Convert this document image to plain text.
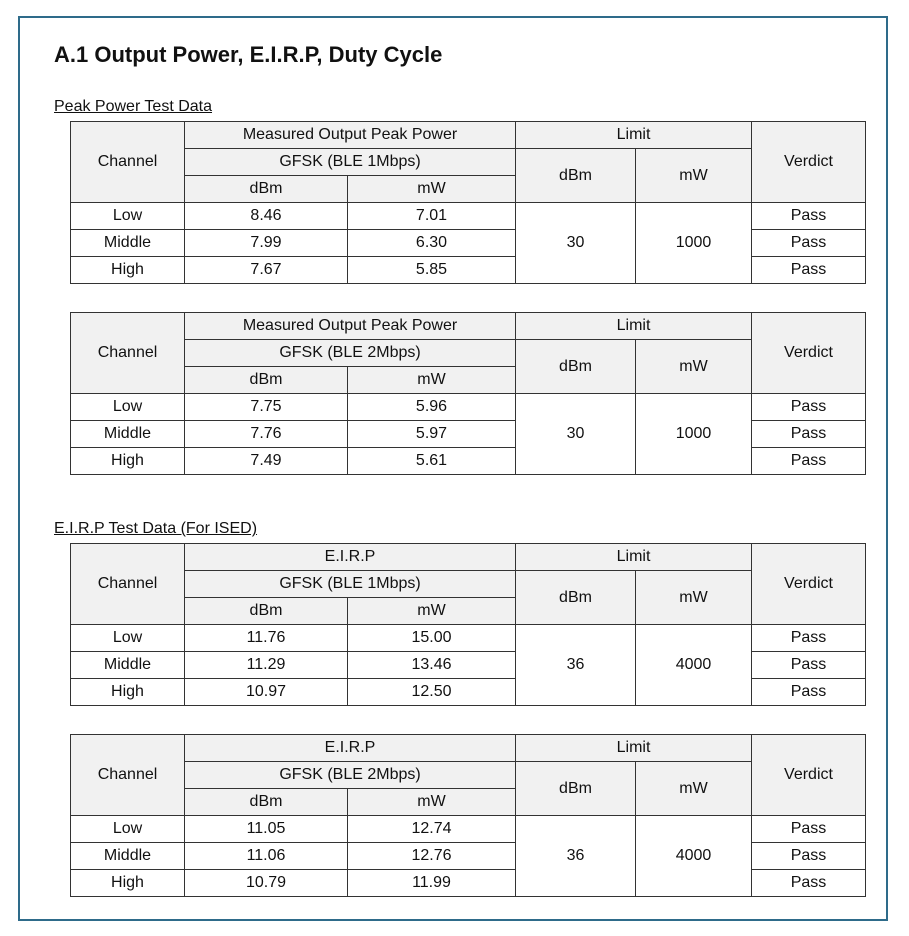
A.1 Output Power, E.I.R.P, Duty Cycle
Peak Power Test Data
Channel	Measured Output Peak Power		Limit		Verdict
	GFSK (BLE 1Mbps)		dBm	mW	
	dBm	mW			
Low	8.46	7.01	30	1000	Pass
Middle	7.99	6.30			Pass
High	7.67	5.85			Pass
Channel	Measured Output Peak Power		Limit		Verdict
	GFSK (BLE 2Mbps)		dBm	mW	
	dBm	mW			
Low	7.75	5.96	30	1000	Pass
Middle	7.76	5.97			Pass
High	7.49	5.61			Pass
E.I.R.P Test Data (For ISED)
Channel	E.I.R.P		Limit		Verdict
	GFSK (BLE 1Mbps)		dBm	mW	
	dBm	mW			
Low	11.76	15.00	36	4000	Pass
Middle	11.29	13.46			Pass
High	10.97	12.50			Pass
Channel	E.I.R.P		Limit		Verdict
	GFSK (BLE 2Mbps)		dBm	mW	
	dBm	mW			
Low	11.05	12.74	36	4000	Pass
Middle	11.06	12.76			Pass
High	10.79	11.99			Pass
